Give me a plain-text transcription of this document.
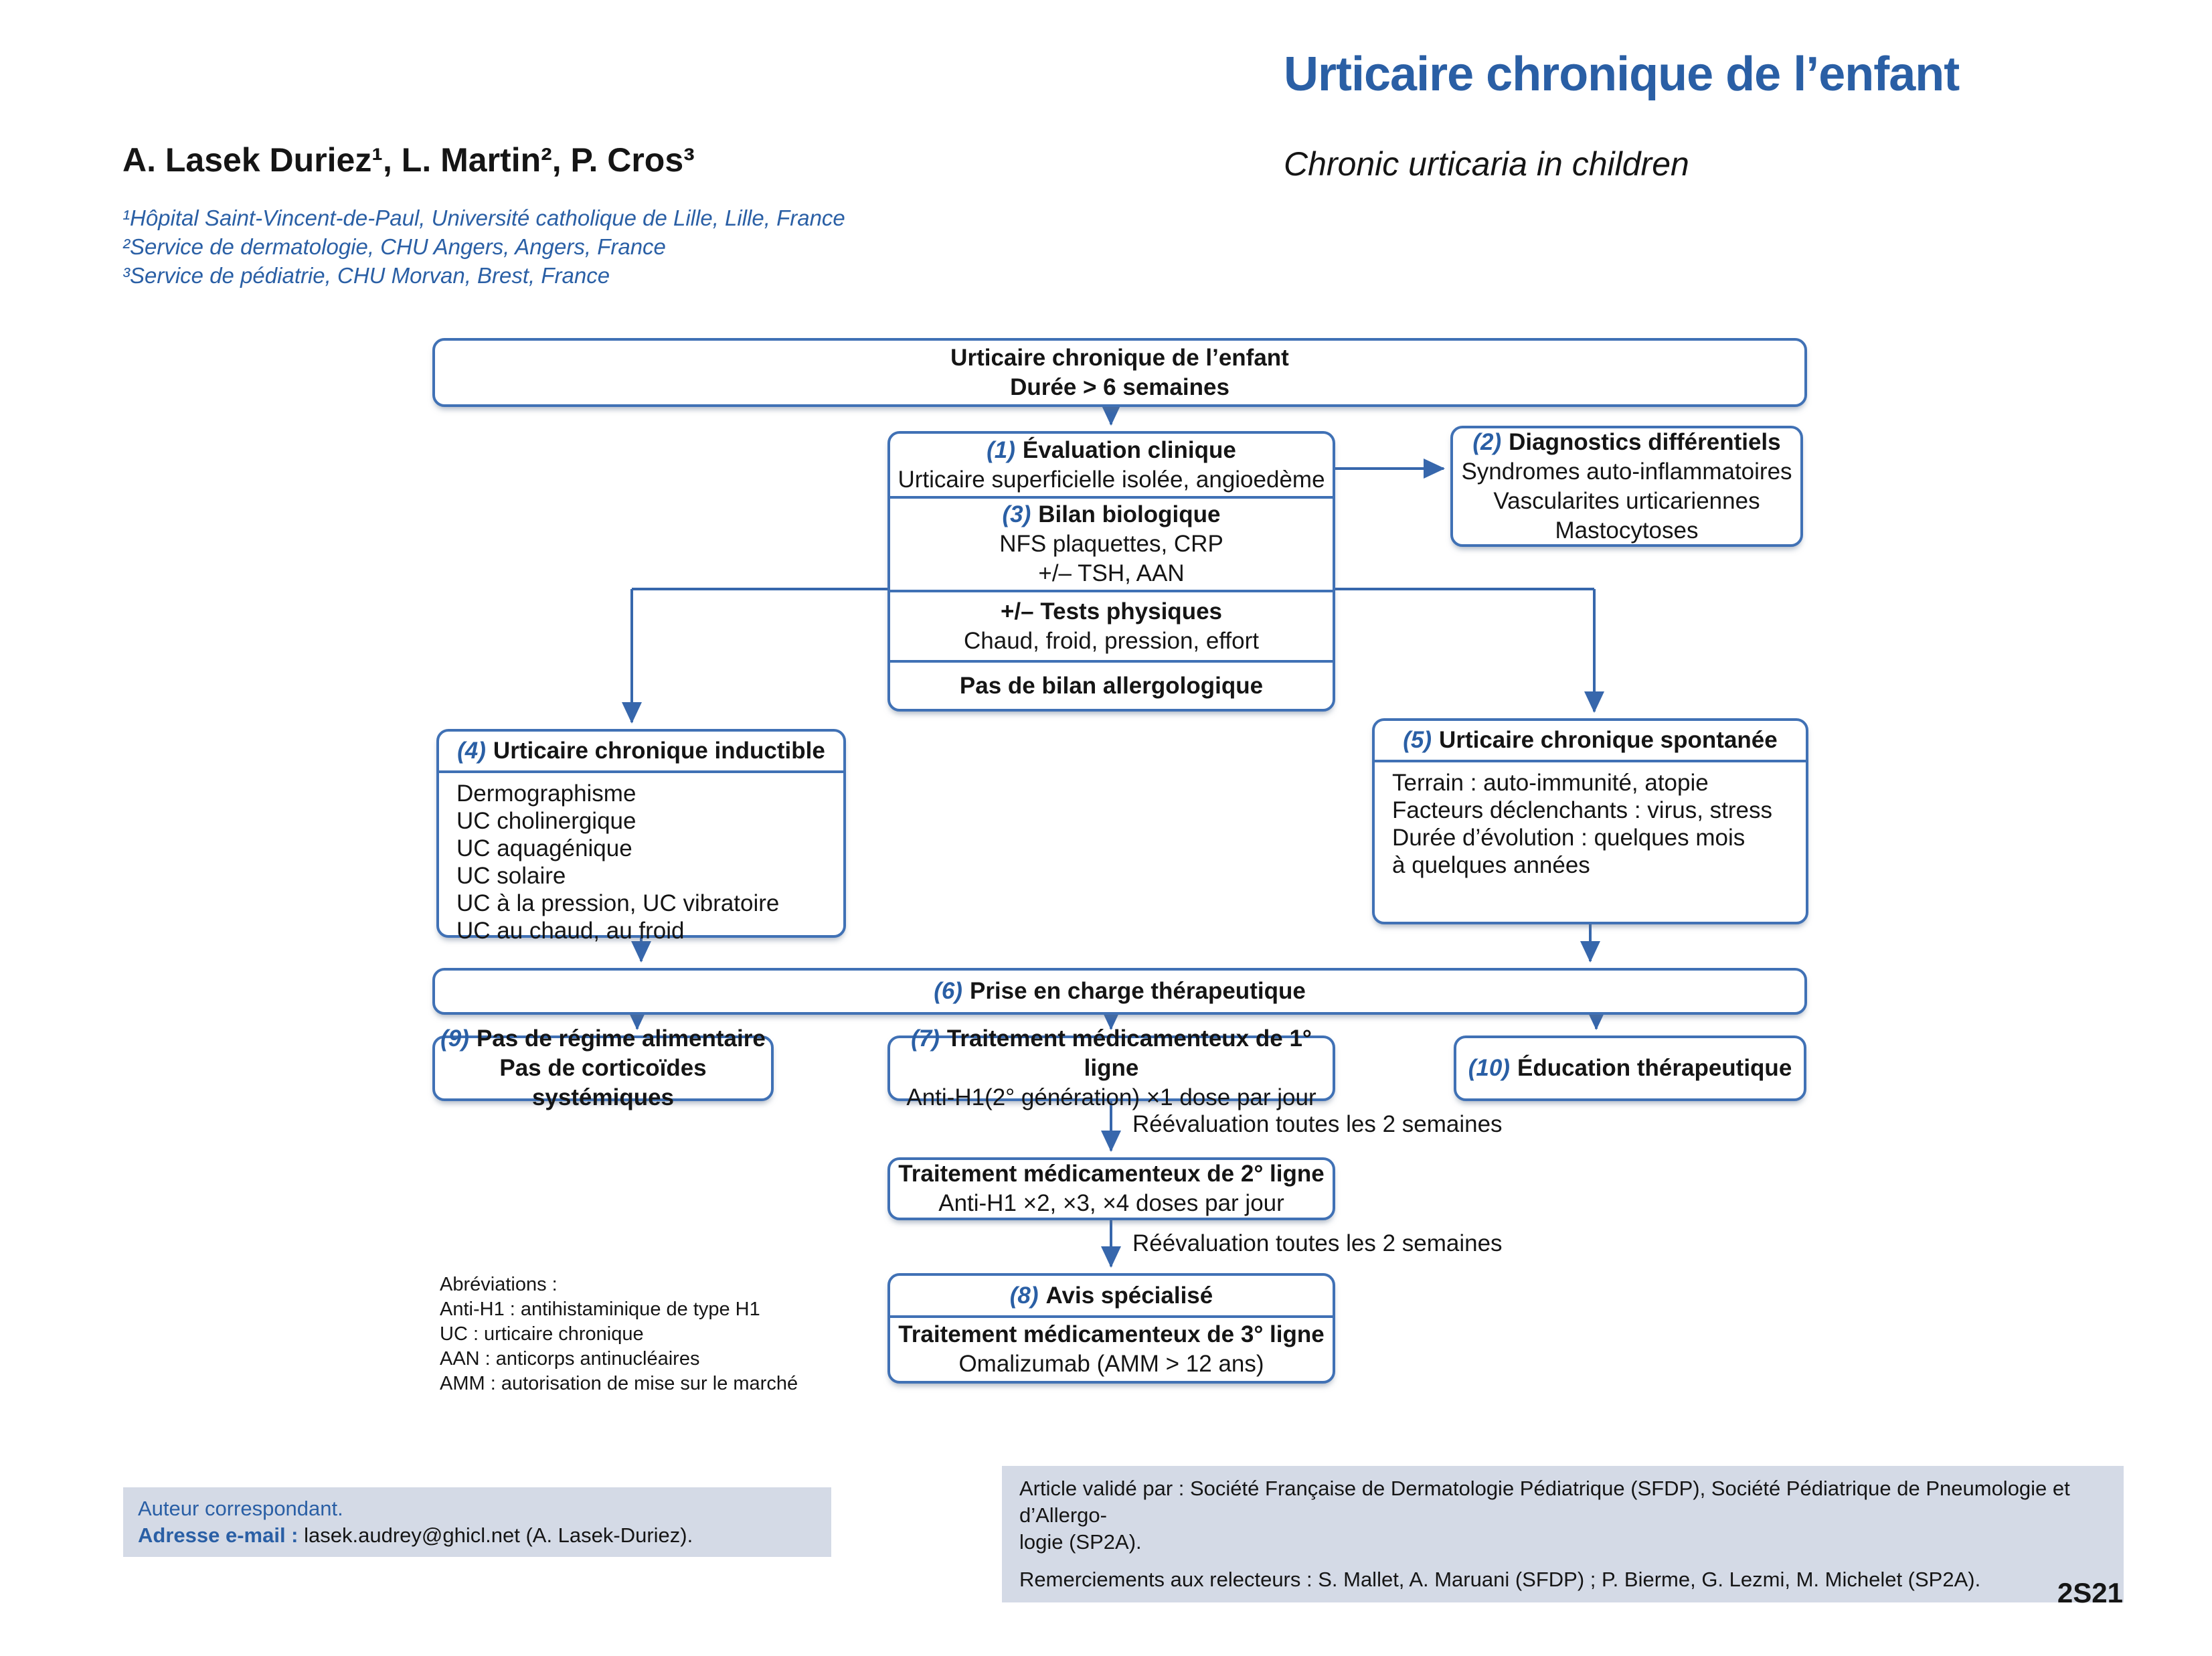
Urticaire chronique de l’enfant
Chronic urticaria in children
A. Lasek Duriez¹, L. Martin², P. Cros³
¹Hôpital Saint-Vincent-de-Paul, Université catholique de Lille, Lille, France
²Service de dermatologie, CHU Angers, Angers, France
³Service de pédiatrie, CHU Morvan, Brest, France
Urticaire chronique de l’enfant
Durée > 6 semaines
(1) Évaluation clinique
Urticaire superficielle isolée, angioedème
(3) Bilan biologique
NFS plaquettes, CRP
+/– TSH, AAN
+/– Tests physiques
Chaud, froid, pression, effort
Pas de bilan allergologique
(2) Diagnostics différentiels
Syndromes auto-inflammatoires
Vascularites urticariennes
Mastocytoses
(4) Urticaire chronique inductible
Dermographisme
UC cholinergique
UC aquagénique
UC solaire
UC à la pression, UC vibratoire
UC au chaud, au froid
(5) Urticaire chronique spontanée
Terrain : auto-immunité, atopie
Facteurs déclenchants : virus, stress
Durée d’évolution : quelques mois
à quelques années
(6) Prise en charge thérapeutique
(9) Pas de régime alimentaire
Pas de corticoïdes systémiques
(7) Traitement médicamenteux de 1° ligne
Anti-H1(2° génération) ×1 dose par jour
(10) Éducation thérapeutique
Réévaluation toutes les 2 semaines
Traitement médicamenteux de 2° ligne
Anti-H1 ×2, ×3, ×4 doses par jour
Réévaluation toutes les 2 semaines
(8) Avis spécialisé
Traitement médicamenteux de 3° ligne
Omalizumab (AMM > 12 ans)
Abréviations :
Anti-H1 : antihistaminique de type H1
UC : urticaire chronique
AAN : anticorps antinucléaires
AMM : autorisation de mise sur le marché
Auteur correspondant.
Adresse e-mail : lasek.audrey@ghicl.net (A. Lasek-Duriez).
Article validé par : Société Française de Dermatologie Pédiatrique (SFDP), Société Pédiatrique de Pneumologie et d’Allergo-
logie (SP2A).
Remerciements aux relecteurs : S. Mallet, A. Maruani (SFDP) ; P. Bierme, G. Lezmi, M. Michelet (SP2A).	2S21
